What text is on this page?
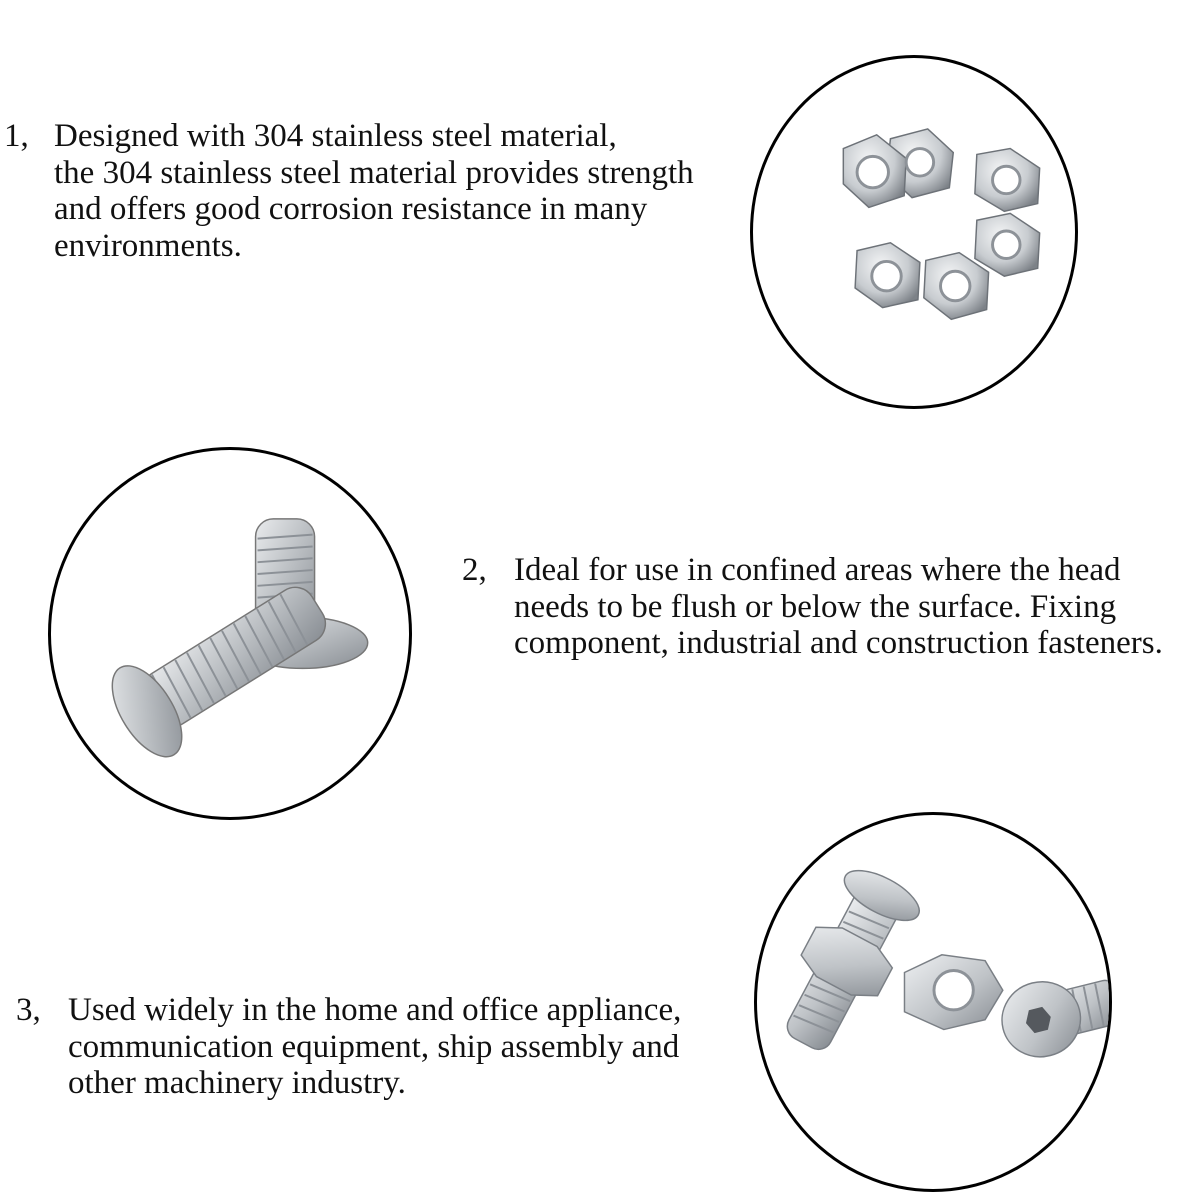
1, Designed with 304 stainless steel material,
the 304 stainless steel material provides strength
and offers good corrosion resistance in many
environments.
2, Ideal for use in confined areas where the head
needs to be flush or below the surface. Fixing
component, industrial and construction fasteners.
3, Used widely in the home and office appliance,
communication equipment, ship assembly and
other machinery industry.
